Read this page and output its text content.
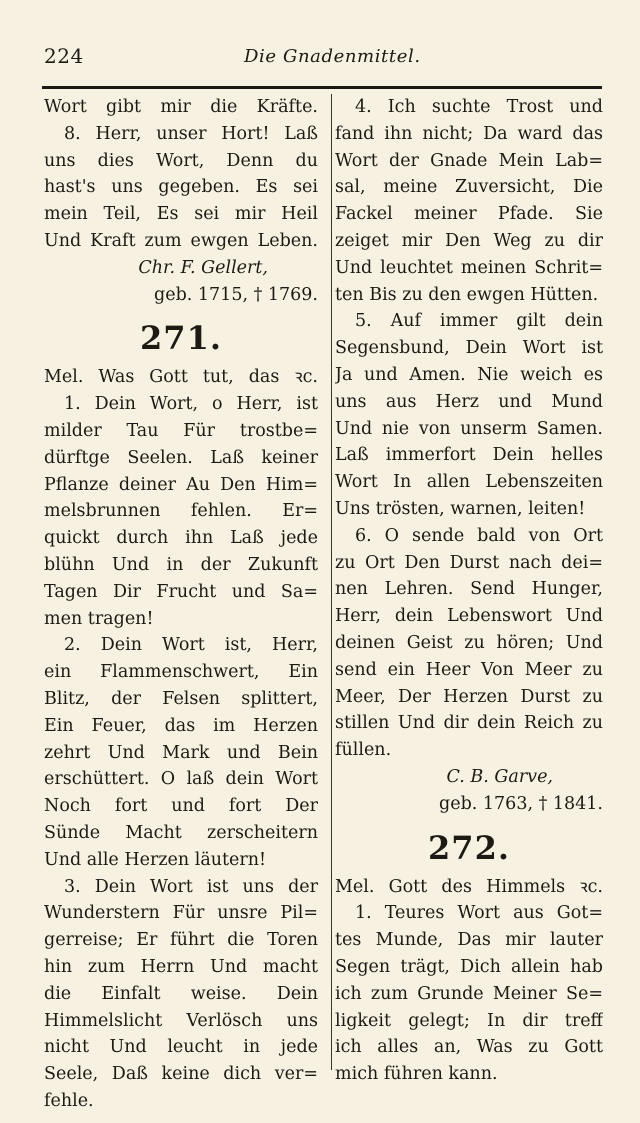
224	Die Gnadenmittel.
Wort gibt mir die Kräfte.
8. Herr, unser Hort! Laß
uns dies Wort, Denn du
hast's uns gegeben. Es sei
mein Teil, Es sei mir Heil
Und Kraft zum ewgen Leben.
Chr. F. Gellert,
geb. 1715, † 1769.
271.
Mel. Was Gott tut, das ꝛc.
1. Dein Wort, o Herr, ist
milder Tau Für trostbe=
dürftge Seelen. Laß keiner
Pflanze deiner Au Den Him=
melsbrunnen fehlen. Er=
quickt durch ihn Laß jede
blühn Und in der Zukunft
Tagen Dir Frucht und Sa=
men tragen!
2. Dein Wort ist, Herr,
ein Flammenschwert, Ein
Blitz, der Felsen splittert,
Ein Feuer, das im Herzen
zehrt Und Mark und Bein
erschüttert. O laß dein Wort
Noch fort und fort Der
Sünde Macht zerscheitern
Und alle Herzen läutern!
3. Dein Wort ist uns der
Wunderstern Für unsre Pil=
gerreise; Er führt die Toren
hin zum Herrn Und macht
die Einfalt weise. Dein
Himmelslicht Verlösch uns
nicht Und leucht in jede
Seele, Daß keine dich ver=
fehle.
4. Ich suchte Trost und
fand ihn nicht; Da ward das
Wort der Gnade Mein Lab=
sal, meine Zuversicht, Die
Fackel meiner Pfade. Sie
zeiget mir Den Weg zu dir
Und leuchtet meinen Schrit=
ten Bis zu den ewgen Hütten.
5. Auf immer gilt dein
Segensbund, Dein Wort ist
Ja und Amen. Nie weich es
uns aus Herz und Mund
Und nie von unserm Samen.
Laß immerfort Dein helles
Wort In allen Lebenszeiten
Uns trösten, warnen, leiten!
6. O sende bald von Ort
zu Ort Den Durst nach dei=
nen Lehren. Send Hunger,
Herr, dein Lebenswort Und
deinen Geist zu hören; Und
send ein Heer Von Meer zu
Meer, Der Herzen Durst zu
stillen Und dir dein Reich zu
füllen.
C. B. Garve,
geb. 1763, † 1841.
272.
Mel. Gott des Himmels ꝛc.
1. Teures Wort aus Got=
tes Munde, Das mir lauter
Segen trägt, Dich allein hab
ich zum Grunde Meiner Se=
ligkeit gelegt; In dir treff
ich alles an, Was zu Gott
mich führen kann.
